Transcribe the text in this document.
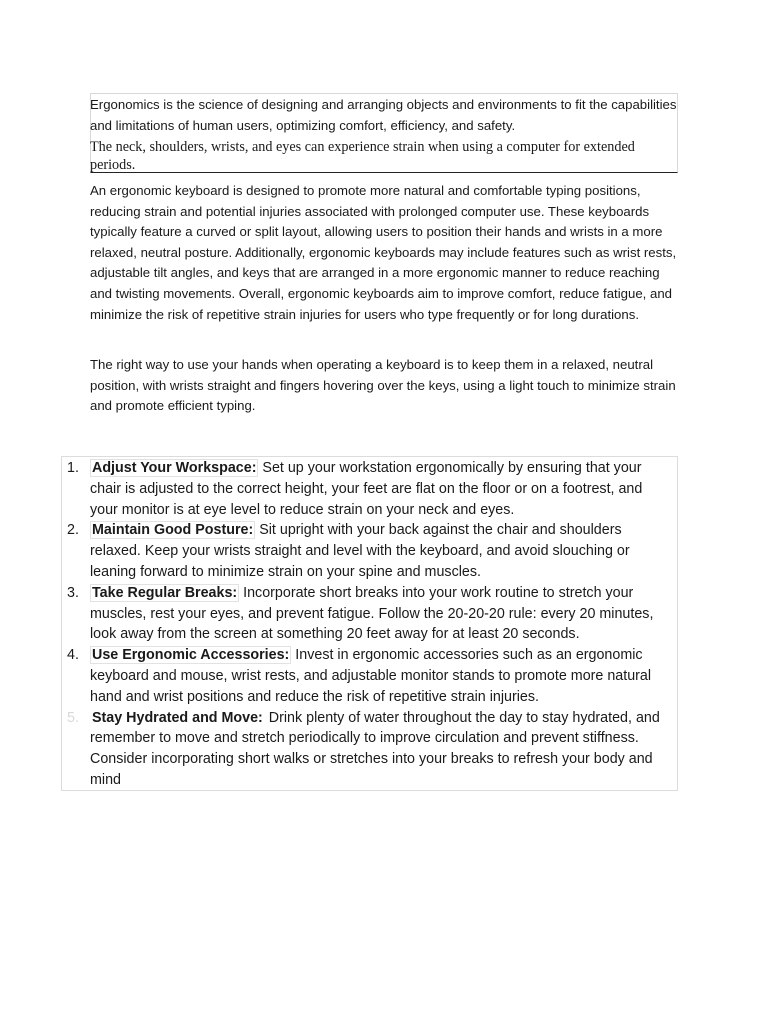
Ergonomics is the science of designing and arranging objects and environments to fit the capabilities and limitations of human users, optimizing comfort, efficiency, and safety.

The neck, shoulders, wrists, and eyes can experience strain when using a computer for extended periods.

An ergonomic keyboard is designed to promote more natural and comfortable typing positions, reducing strain and potential injuries associated with prolonged computer use. These keyboards typically feature a curved or split layout, allowing users to position their hands and wrists in a more relaxed, neutral posture. Additionally, ergonomic keyboards may include features such as wrist rests, adjustable tilt angles, and keys that are arranged in a more ergonomic manner to reduce reaching and twisting movements. Overall, ergonomic keyboards aim to improve comfort, reduce fatigue, and minimize the risk of repetitive strain injuries for users who type frequently or for long durations.

The right way to use your hands when operating a keyboard is to keep them in a relaxed, neutral position, with wrists straight and fingers hovering over the keys, using a light touch to minimize strain and promote efficient typing.

1. Adjust Your Workspace: Set up your workstation ergonomically by ensuring that your chair is adjusted to the correct height, your feet are flat on the floor or on a footrest, and your monitor is at eye level to reduce strain on your neck and eyes.
2. Maintain Good Posture: Sit upright with your back against the chair and shoulders relaxed. Keep your wrists straight and level with the keyboard, and avoid slouching or leaning forward to minimize strain on your spine and muscles.
3. Take Regular Breaks: Incorporate short breaks into your work routine to stretch your muscles, rest your eyes, and prevent fatigue. Follow the 20-20-20 rule: every 20 minutes, look away from the screen at something 20 feet away for at least 20 seconds.
4. Use Ergonomic Accessories: Invest in ergonomic accessories such as an ergonomic keyboard and mouse, wrist rests, and adjustable monitor stands to promote more natural hand and wrist positions and reduce the risk of repetitive strain injuries.
5. Stay Hydrated and Move: Drink plenty of water throughout the day to stay hydrated, and remember to move and stretch periodically to improve circulation and prevent stiffness. Consider incorporating short walks or stretches into your breaks to refresh your body and mind
